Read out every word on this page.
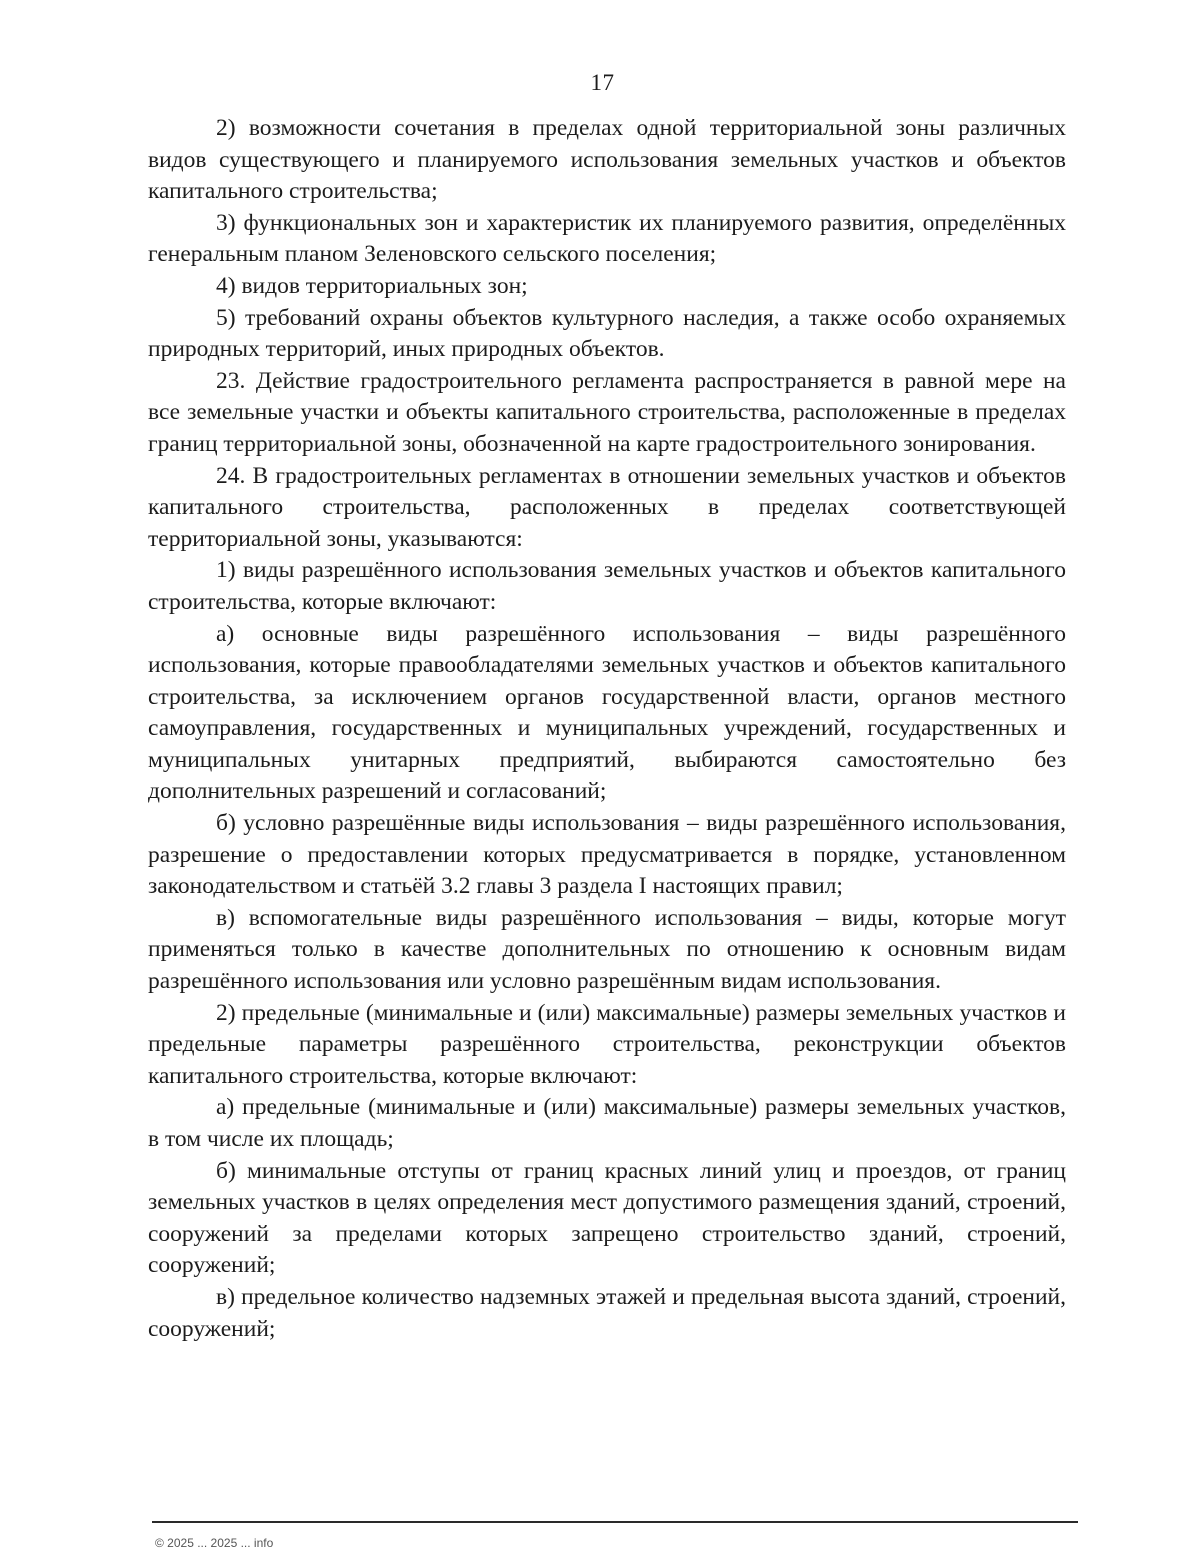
17

2) возможности сочетания в пределах одной территориальной зоны различных видов существующего и планируемого использования земельных участков и объектов капитального строительства;

3) функциональных зон и характеристик их планируемого развития, определённых генеральным планом Зеленовского сельского поселения;

4) видов территориальных зон;

5) требований охраны объектов культурного наследия, а также особо охраняемых природных территорий, иных природных объектов.

23. Действие градостроительного регламента распространяется в равной мере на все земельные участки и объекты капитального строительства, расположенные в пределах границ территориальной зоны, обозначенной на карте градостроительного зонирования.

24. В градостроительных регламентах в отношении земельных участков и объектов капитального строительства, расположенных в пределах соответствующей территориальной зоны, указываются:

1) виды разрешённого использования земельных участков и объектов капитального строительства, которые включают:

а) основные виды разрешённого использования – виды разрешённого использования, которые правообладателями земельных участков и объектов капитального строительства, за исключением органов государственной власти, органов местного самоуправления, государственных и муниципальных учреждений, государственных и муниципальных унитарных предприятий, выбираются самостоятельно без дополнительных разрешений и согласований;

б) условно разрешённые виды использования – виды разрешённого использования, разрешение о предоставлении которых предусматривается в порядке, установленном законодательством и статьёй 3.2 главы 3 раздела I настоящих правил;

в) вспомогательные виды разрешённого использования – виды, которые могут применяться только в качестве дополнительных по отношению к основным видам разрешённого использования или условно разрешённым видам использования.

2) предельные (минимальные и (или) максимальные) размеры земельных участков и предельные параметры разрешённого строительства, реконструкции объектов капитального строительства, которые включают:

а) предельные (минимальные и (или) максимальные) размеры земельных участков, в том числе их площадь;

б) минимальные отступы от границ красных линий улиц и проездов, от границ земельных участков в целях определения мест допустимого размещения зданий, строений, сооружений за пределами которых запрещено строительство зданий, строений, сооружений;

в) предельное количество надземных этажей и предельная высота зданий, строений, сооружений;

© 2025 ... 2025 ... info
